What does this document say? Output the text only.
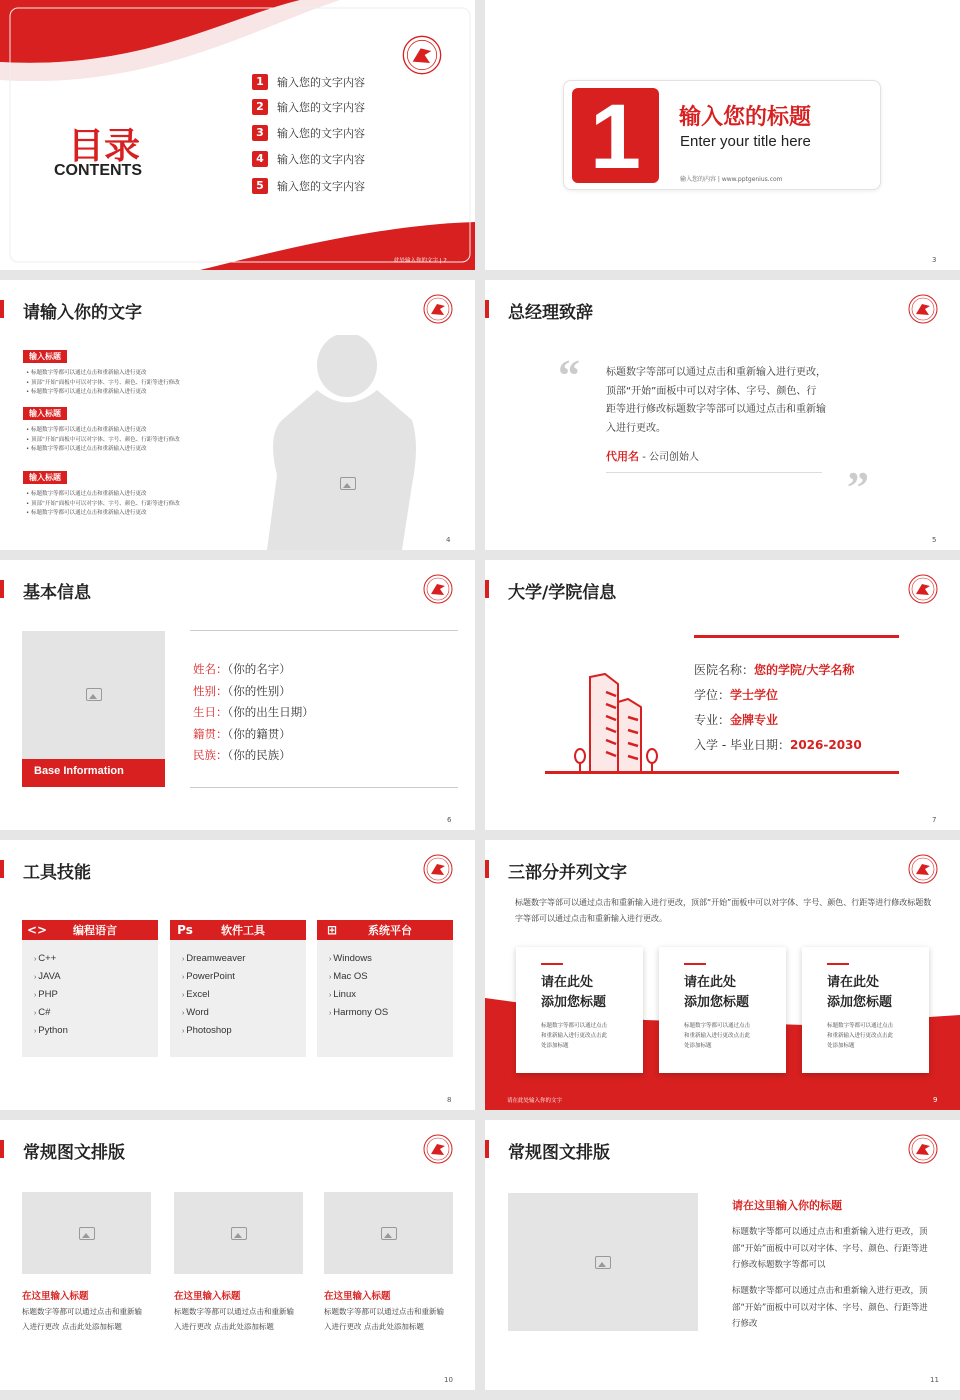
目录
CONTENTS
1	输入您的文字内容
2	输入您的文字内容
3	输入您的文字内容
4	输入您的文字内容
5	输入您的文字内容
此处输入你的文字 | 2
1	输入您的标题
Enter your title here
输入您的内容 | www.pptgenius.com
3
请输入你的文字
输入标题
• 标题数字等都可以通过点击和重新输入进行更改
• 顶部“开始”面板中可以对字体、字号、颜色、行距等进行修改
• 标题数字等都可以通过点击和重新输入进行更改
输入标题
• 标题数字等都可以通过点击和重新输入进行更改
• 顶部“开始”面板中可以对字体、字号、颜色、行距等进行修改
• 标题数字等都可以通过点击和重新输入进行更改
输入标题
• 标题数字等都可以通过点击和重新输入进行更改
• 顶部“开始”面板中可以对字体、字号、颜色、行距等进行修改
• 标题数字等都可以通过点击和重新输入进行更改
4
总经理致辞
“
”
标题数字等部可以通过点击和重新输入进行更改，顶部“开始”面板中可以对字体、字号、颜色、行距等进行修改标题数字等部可以通过点击和重新输入进行更改。
代用名 - 公司创始人
5
基本信息
Base Information
姓名：（你的名字）
性别：（你的性别）
生日：（你的出生日期）
籍贯：（你的籍贯）
民族：（你的民族）
6
大学/学院信息
医院名称：您的学院/大学名称
学位：学士学位
专业：金牌专业
入学 - 毕业日期：2026-2030
7
工具技能
<>	编程语言
› C++
› JAVA
› PHP
› C#
› Python
Ps	软件工具
› Dreamweaver
› PowerPoint
› Excel
› Word
› Photoshop
⊞	系统平台
› Windows
› Mac OS
› Linux
› Harmony OS
8
三部分并列文字
标题数字等部可以通过点击和重新输入进行更改，顶部“开始”面板中可以对字体、字号、颜色、行距等进行修改标题数字等部可以通过点击和重新输入进行更改。
请在此处
添加您标题
标题数字等都可以通过点击和重新输入进行更改点击此处添加标题
请在此处
添加您标题
标题数字等都可以通过点击和重新输入进行更改点击此处添加标题
请在此处
添加您标题
标题数字等都可以通过点击和重新输入进行更改点击此处添加标题
请在此处输入你的文字	9
常规图文排版
在这里输入标题
标题数字等都可以通过点击和重新输入进行更改 点击此处添加标题
在这里输入标题
标题数字等都可以通过点击和重新输入进行更改 点击此处添加标题
在这里输入标题
标题数字等都可以通过点击和重新输入进行更改 点击此处添加标题
10
常规图文排版
请在这里输入你的标题
标题数字等都可以通过点击和重新输入进行更改，顶部“开始”面板中可以对字体、字号、颜色、行距等进行修改标题数字等都可以
标题数字等都可以通过点击和重新输入进行更改，顶部“开始”面板中可以对字体、字号、颜色、行距等进行修改
11
